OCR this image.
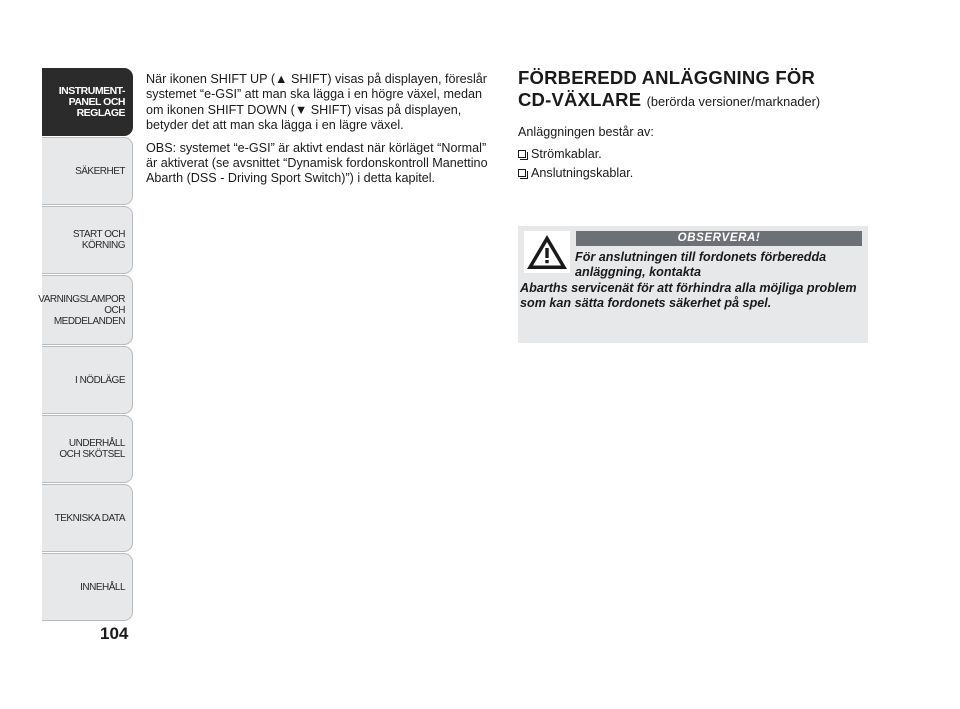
INSTRUMENT-
PANEL OCH
REGLAGE
SÄKERHET
START OCH
KÖRNING
VARNINGSLAMPOR
OCH
MEDDELANDEN
I NÖDLÄGE
UNDERHÅLL
OCH SKÖTSEL
TEKNISKA DATA
INNEHÅLL
104

När ikonen SHIFT UP (▲ SHIFT) visas på displayen, föreslår systemet “e-GSI” att man ska lägga i en högre växel, medan om ikonen SHIFT DOWN (▼ SHIFT) visas på displayen, betyder det att man ska lägga i en lägre växel.

OBS: systemet “e-GSI” är aktivt endast när körläget “Normal” är aktiverat (se avsnittet “Dynamisk fordonskontroll Manettino Abarth (DSS - Driving Sport Switch)”) i detta kapitel.

FÖRBEREDD ANLÄGGNING FÖR
CD-VÄXLARE (berörda versioner/marknader)

Anläggningen består av:

Strömkablar.
Anslutningskablar.
OBSERVERA!
För anslutningen till fordonets förberedda anläggning, kontakta
Abarths servicenät för att förhindra alla möjliga problem som kan sätta fordonets säkerhet på spel.
